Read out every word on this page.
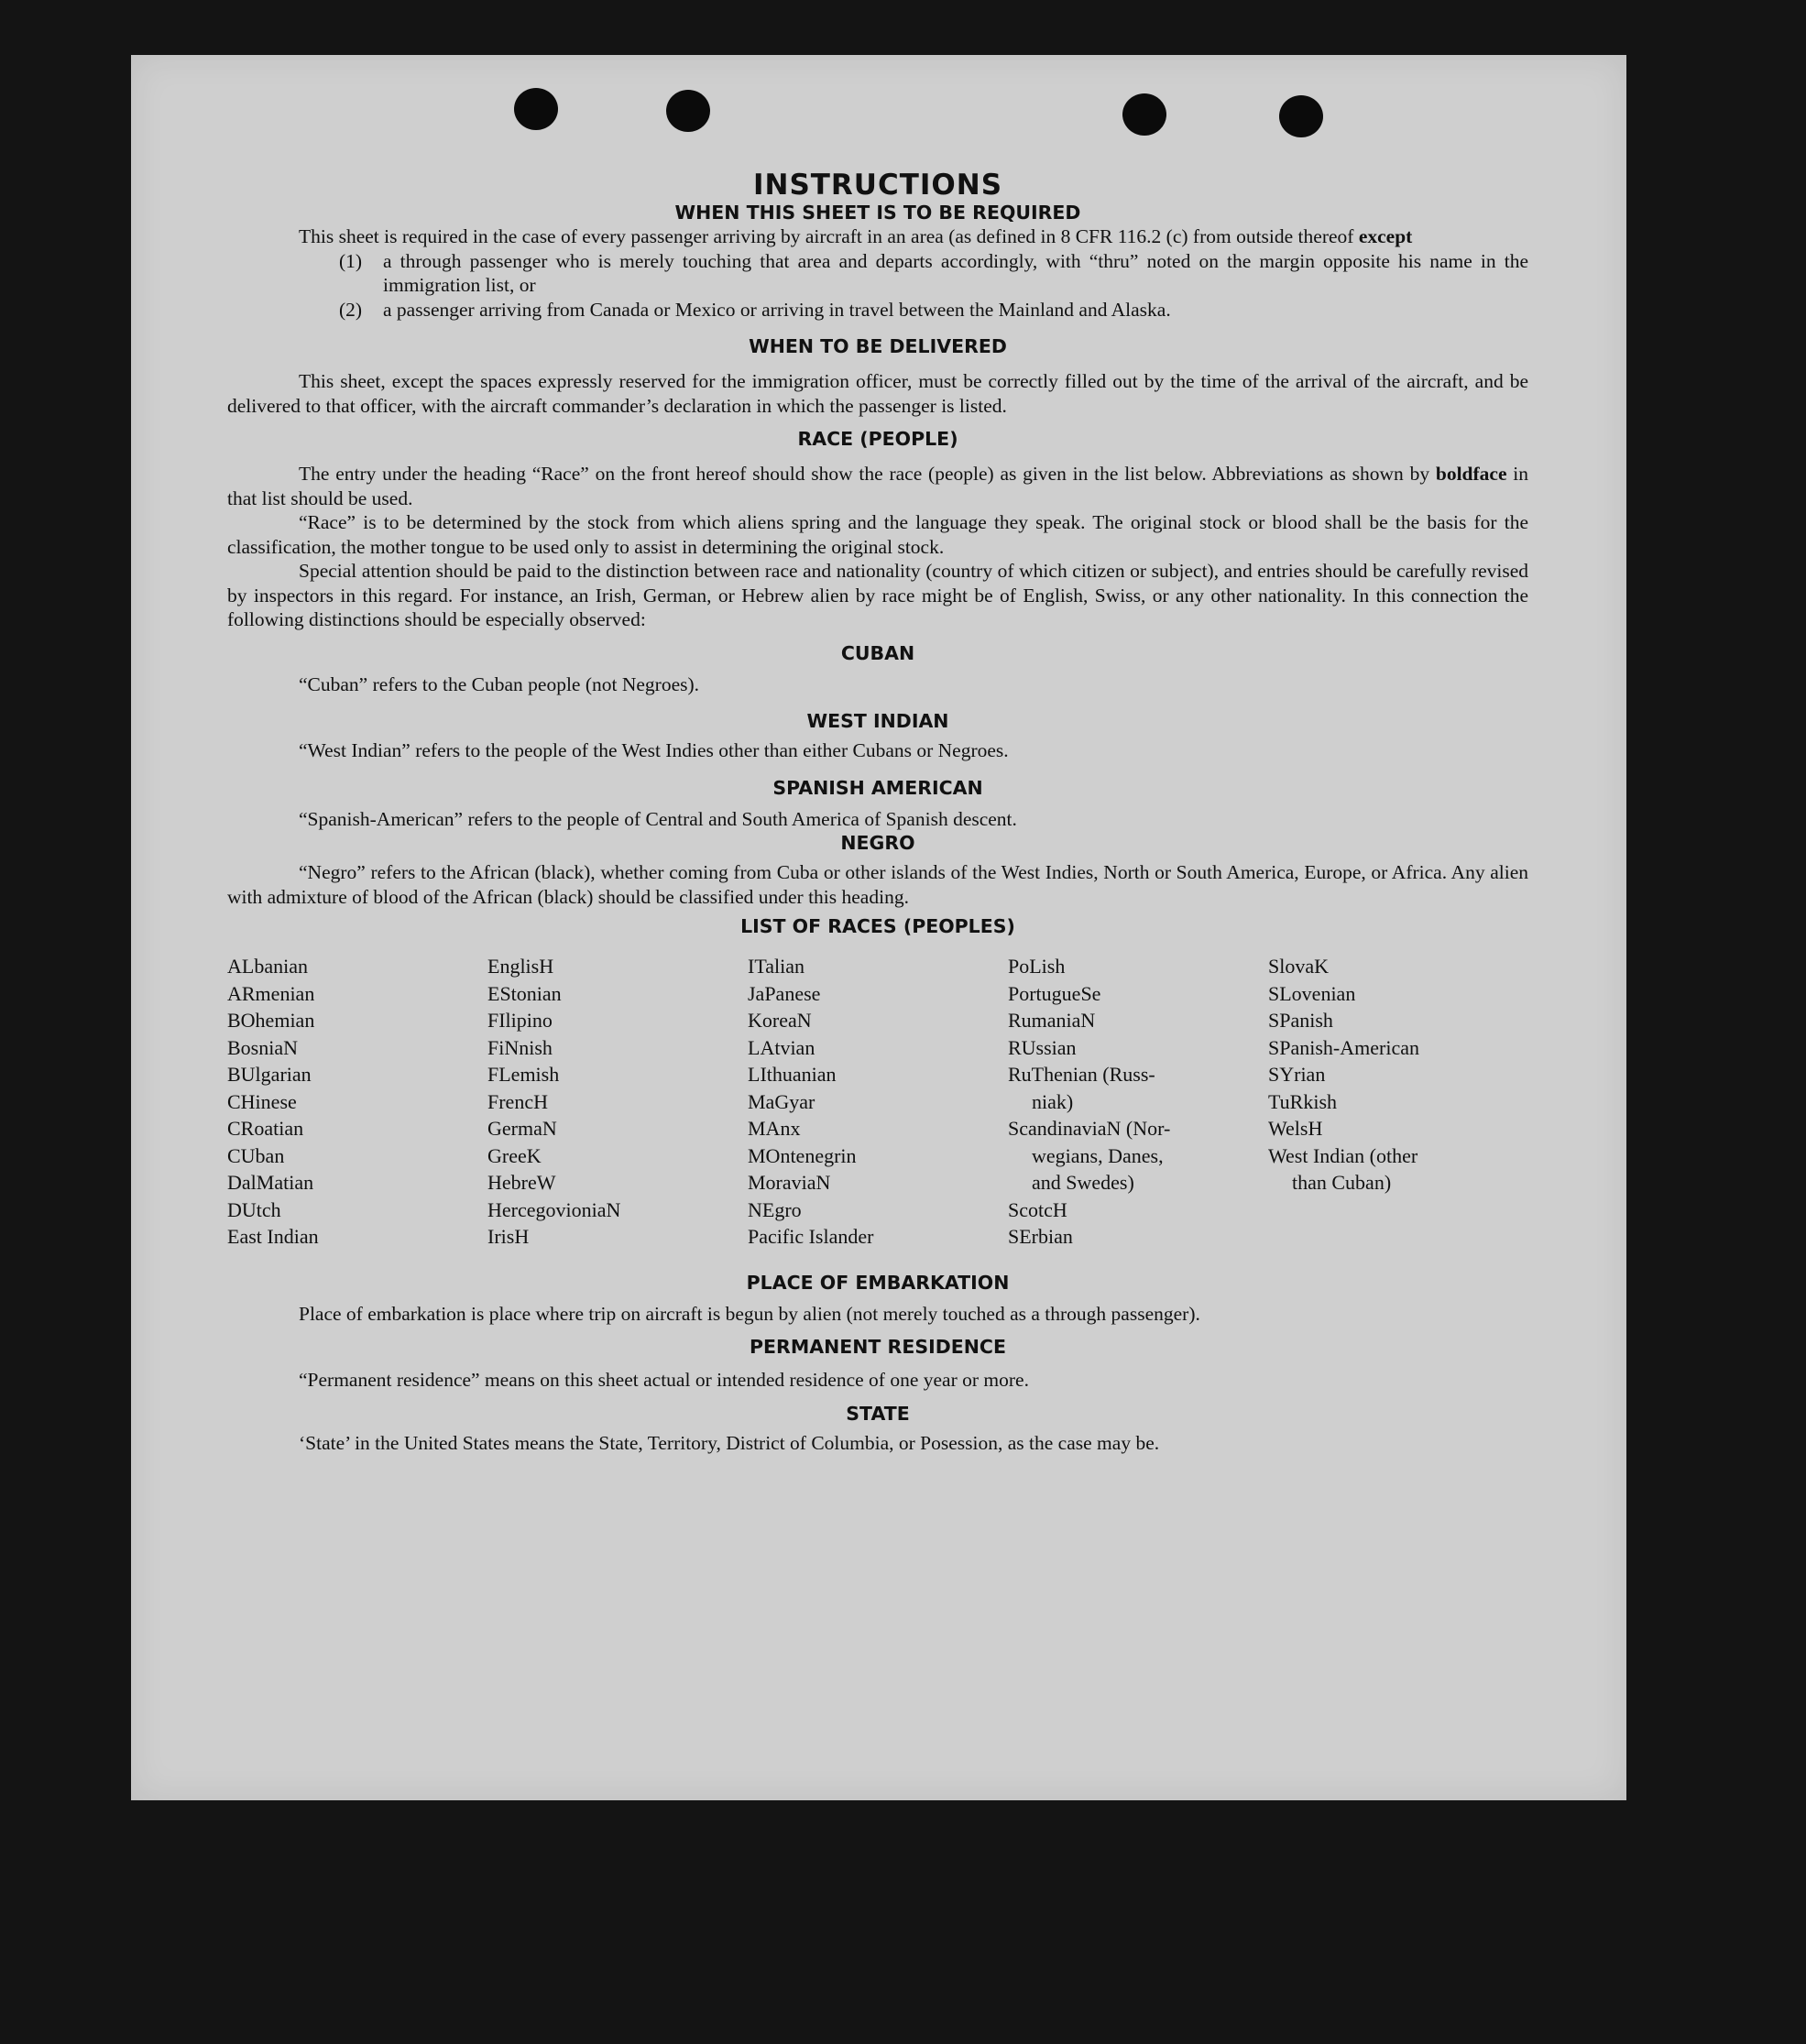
INSTRUCTIONS
WHEN THIS SHEET IS TO BE REQUIRED

This sheet is required in the case of every passenger arriving by aircraft in an area (as defined in 8 CFR 116.2 (c) from outside thereof except

(1) a through passenger who is merely touching that area and departs accordingly, with “thru” noted on the margin opposite his name in the immigration list, or
(2) a passenger arriving from Canada or Mexico or arriving in travel between the Mainland and Alaska.
WHEN TO BE DELIVERED

This sheet, except the spaces expressly reserved for the immigration officer, must be correctly filled out by the time of the arrival of the aircraft, and be delivered to that officer, with the aircraft commander’s declaration in which the passenger is listed.

RACE (PEOPLE)

The entry under the heading “Race” on the front hereof should show the race (people) as given in the list below. Abbreviations as shown by boldface in that list should be used.

“Race” is to be determined by the stock from which aliens spring and the language they speak. The original stock or blood shall be the basis for the classification, the mother tongue to be used only to assist in determining the original stock.

Special attention should be paid to the distinction between race and nationality (country of which citizen or subject), and entries should be carefully revised by inspectors in this regard. For instance, an Irish, German, or Hebrew alien by race might be of English, Swiss, or any other nationality. In this connection the following distinctions should be especially observed:

CUBAN

“Cuban” refers to the Cuban people (not Negroes).

WEST INDIAN

“West Indian” refers to the people of the West Indies other than either Cubans or Negroes.

SPANISH AMERICAN

“Spanish-American” refers to the people of Central and South America of Spanish descent.

NEGRO

“Negro” refers to the African (black), whether coming from Cuba or other islands of the West Indies, North or South America, Europe, or Africa. Any alien with admixture of blood of the African (black) should be classified under this heading.

LIST OF RACES (PEOPLES)
ALbanian
ARmenian
BOhemian
BosniaN
BUlgarian
CHinese
CRoatian
CUban
DalMatian
DUtch
East Indian
EnglisH
EStonian
FIlipino
FiNnish
FLemish
FrencH
GermaN
GreeK
HebreW
HercegovioniaN
IrisH
ITalian
JaPanese
KoreaN
LAtvian
LIthuanian
MaGyar
MAnx
MOntenegrin
MoraviaN
NEgro
Pacific Islander
PoLish
PortugueSe
RumaniaN
RUssian
RuThenian (Russ-
niak)
ScandinaviaN (Nor-
wegians, Danes,
and Swedes)
ScotcH
SErbian
SlovaK
SLovenian
SPanish
SPanish-American
SYrian
TuRkish
WelsH
West Indian (other
than Cuban)
PLACE OF EMBARKATION

Place of embarkation is place where trip on aircraft is begun by alien (not merely touched as a through passenger).

PERMANENT RESIDENCE

“Permanent residence” means on this sheet actual or intended residence of one year or more.

STATE

‘State’ in the United States means the State, Territory, District of Columbia, or Posession, as the case may be.
